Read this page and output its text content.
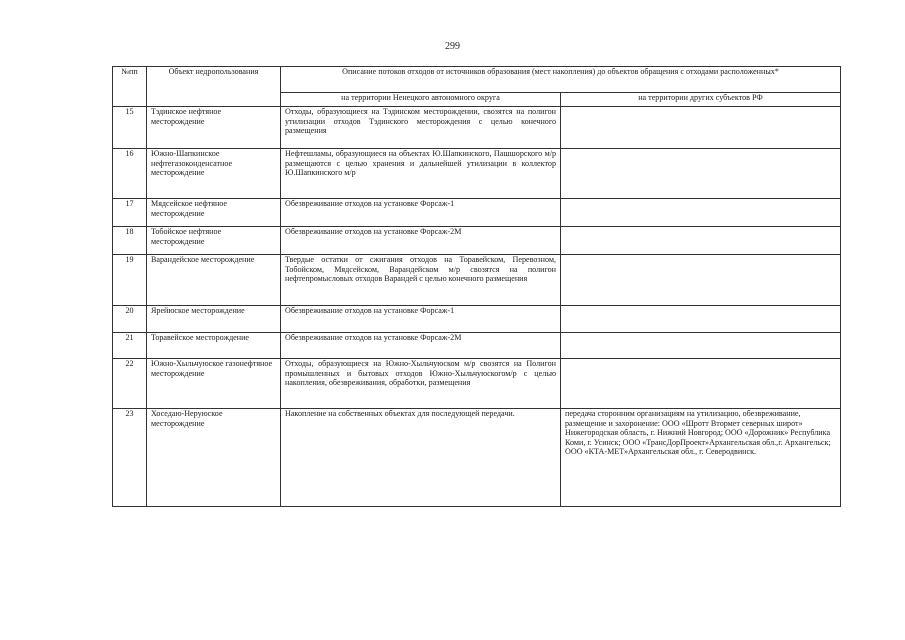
299
№пп	Объект недропользования	Описание потоков отходов от источников образования (мест накопления) до объектов обращения с отходами расположенных*	
		на территории Ненецкого автономного округа	на территории других субъектов РФ
15	Тэдинское нефтяное месторождение	Отходы, образующиеся на Тэдинском месторождении, свозятся на полигон утилизации отходов Тэдинского месторождения с целью конечного размещения	
16	Южно-Шапкинское нефтегазоконденсатное месторождение	Нефтешламы, образующиеся на объектах Ю.Шапкинского, Пашшорского м/р размещаются с целью хранения и дальнейшей утилизации в коллектор Ю.Шапкинского м/р	
17	Мядсейское нефтяное месторождение	Обезвреживание отходов на установке Форсаж-1	
18	Тобойское нефтяное месторождение	Обезвреживание отходов на установке Форсаж-2М	
19	Варандейское месторождение	Твердые остатки от сжигания отходов на Торавейском, Перевозном, Тобойском, Мядсейском, Варандейском м/р свозятся на полигон нефтепромысловых отходов Варандей с целью конечного размещения	
20	Ярейюское месторождение	Обезвреживание отходов на установке Форсаж-1	
21	Торавейское месторождение	Обезвреживание отходов на установке Форсаж-2М	
22	Южно-Хыльчуюское газонефтяное месторождение	Отходы, образующиеся на Южно-Хыльчуюском м/р свозятся на Полигон промышленных и бытовых отходов Южно-Хыльчуюскогом/р с целью накопления, обезвреживания, обработки, размещения	
23	Хоседаю-Неруюское месторождение	Накопление на собственных объектах для последующей передачи.	передача сторонним организациям на утилизацию, обезвреживание, размещение и захоронение: ООО «Шротт Втормет северных широт» Нижегородская область, г. Нижний Новгород; ООО «Дорожник» Республика Коми, г. Усинск; ООО «ТрансДорПроект»Архангельская обл.,г. Архангельск; ООО «КТА-МЕТ»Архангельская обл., г. Северодвинск.
